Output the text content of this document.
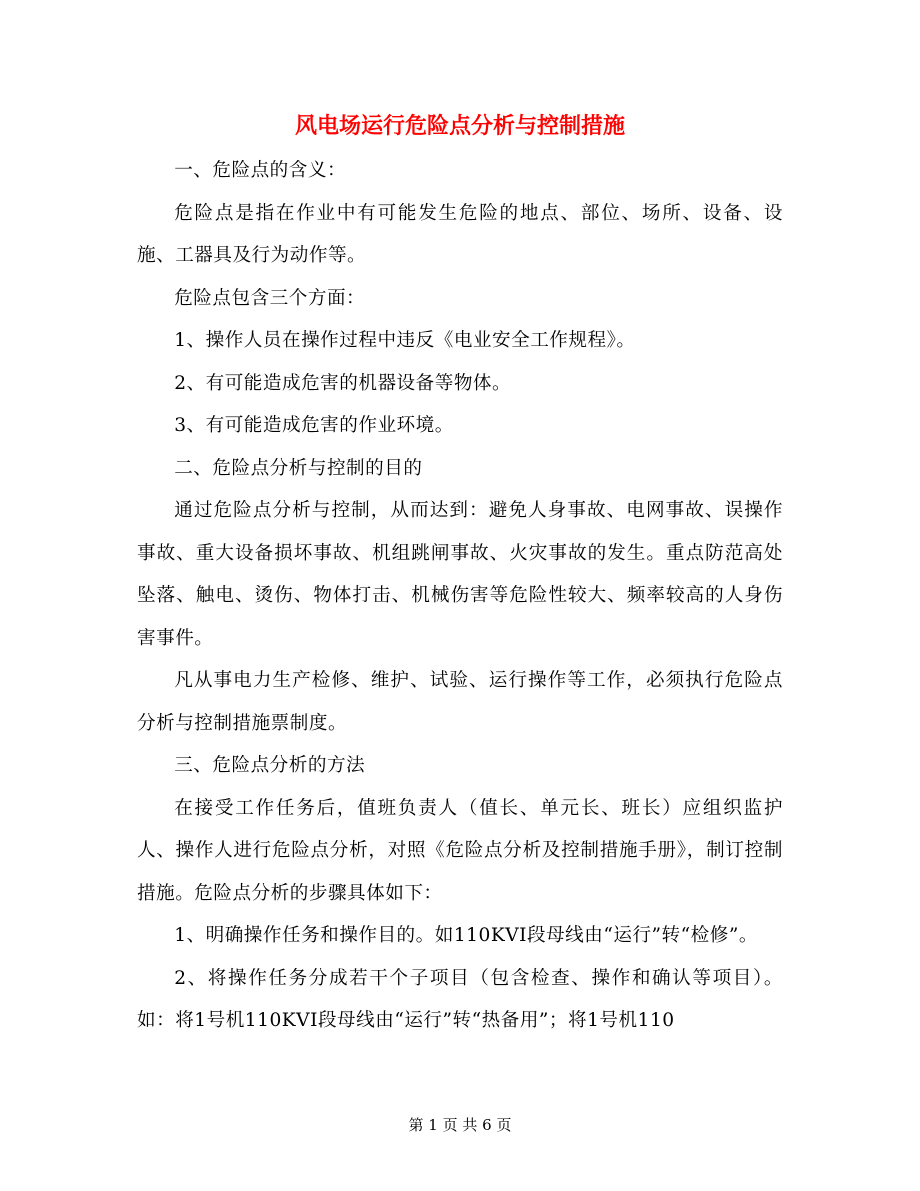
风电场运行危险点分析与控制措施

一、危险点的含义：

危险点是指在作业中有可能发生危险的地点、部位、场所、设备、设施、工器具及行为动作等。

危险点包含三个方面：

1、操作人员在操作过程中违反《电业安全工作规程》。

2、有可能造成危害的机器设备等物体。

3、有可能造成危害的作业环境。

二、危险点分析与控制的目的

通过危险点分析与控制，从而达到：避免人身事故、电网事故、误操作事故、重大设备损坏事故、机组跳闸事故、火灾事故的发生。重点防范高处坠落、触电、烫伤、物体打击、机械伤害等危险性较大、频率较高的人身伤害事件。

凡从事电力生产检修、维护、试验、运行操作等工作，必须执行危险点分析与控制措施票制度。

三、危险点分析的方法

在接受工作任务后，值班负责人（值长、单元长、班长）应组织监护人、操作人进行危险点分析，对照《危险点分析及控制措施手册》，制订控制措施。危险点分析的步骤具体如下：

1、明确操作任务和操作目的。如110KVI段母线由“运行”转“检修”。

2、将操作任务分成若干个子项目（包含检查、操作和确认等项目）。如：将1号机110KVI段母线由“运行”转“热备用”；将1号机110

第 1 页 共 6 页
